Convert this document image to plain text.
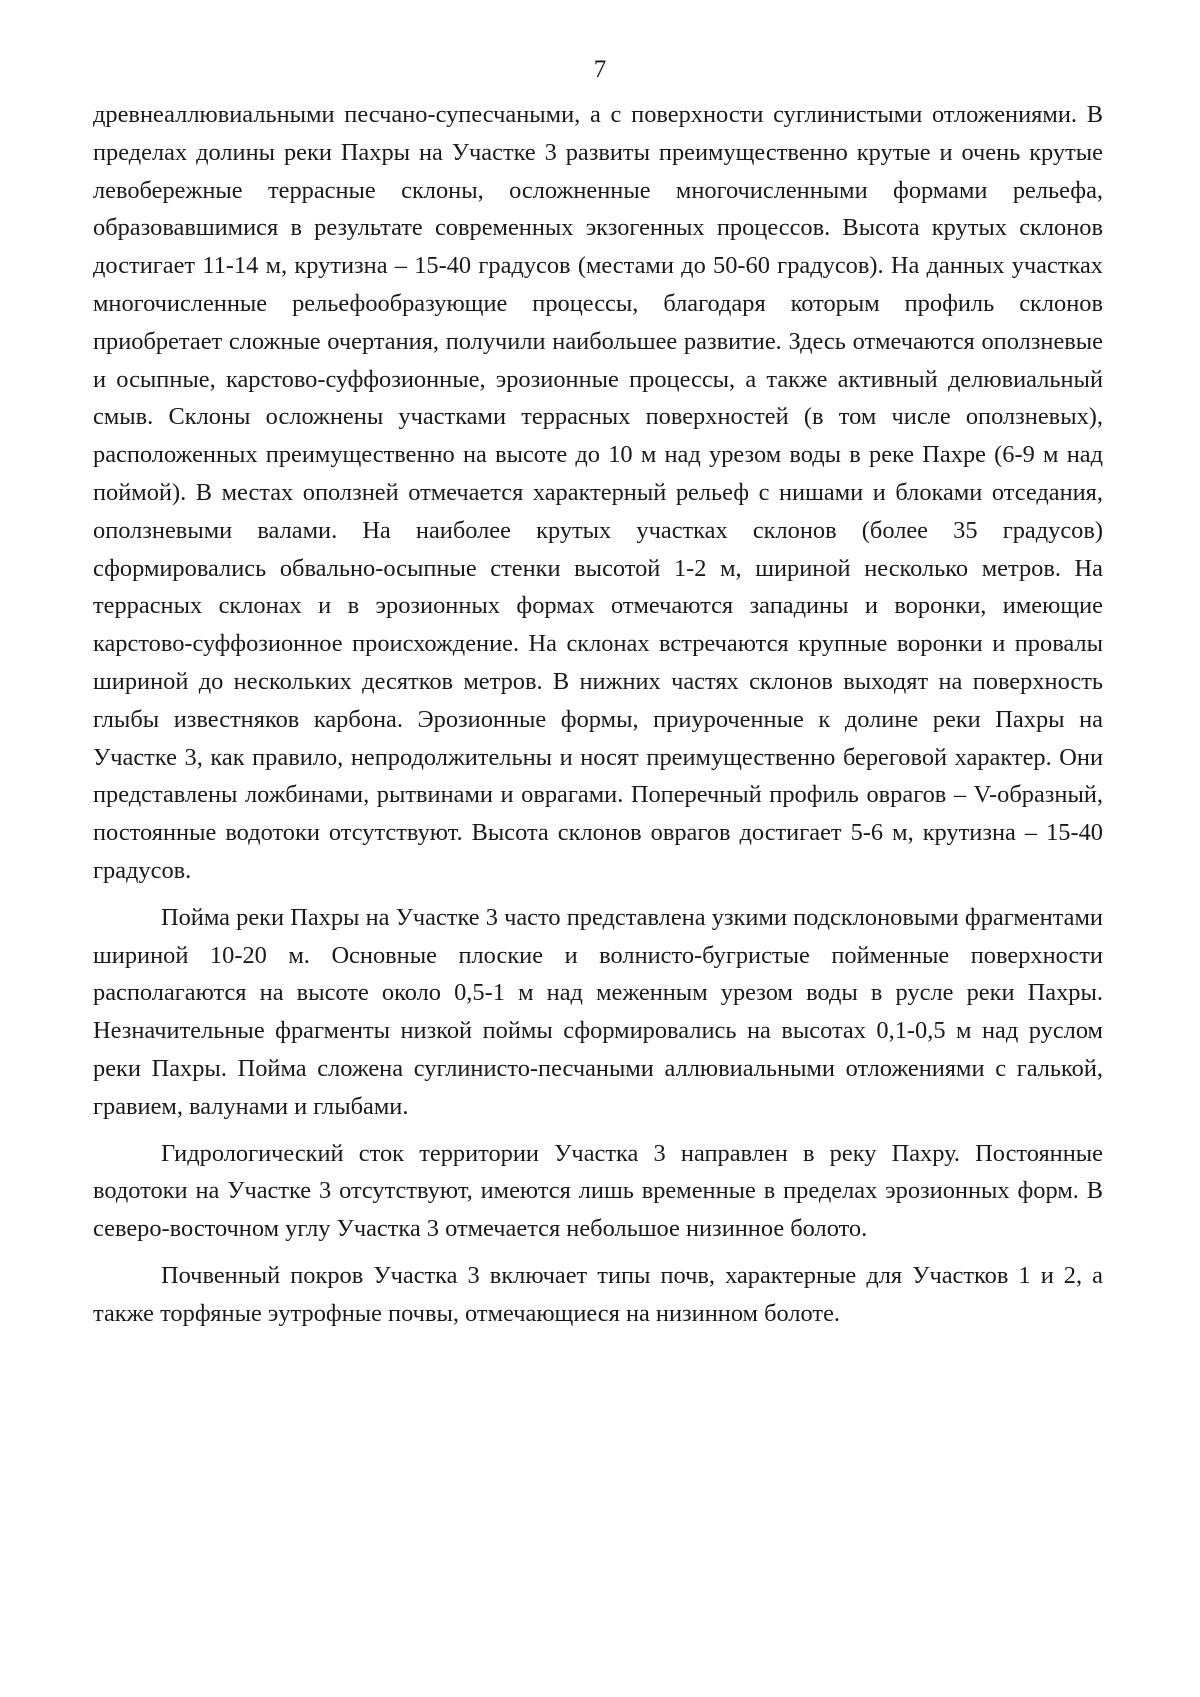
7

древнеаллювиальными песчано-супесчаными, а с поверхности суглинистыми отложениями. В пределах долины реки Пахры на Участке 3 развиты преимущественно крутые и очень крутые левобережные террасные склоны, осложненные многочисленными формами рельефа, образовавшимися в результате современных экзогенных процессов. Высота крутых склонов достигает 11-14 м, крутизна – 15-40 градусов (местами до 50-60 градусов). На данных участках многочисленные рельефообразующие процессы, благодаря которым профиль склонов приобретает сложные очертания, получили наибольшее развитие. Здесь отмечаются оползневые и осыпные, карстово-суффозионные, эрозионные процессы, а также активный делювиальный смыв. Склоны осложнены участками террасных поверхностей (в том числе оползневых), расположенных преимущественно на высоте до 10 м над урезом воды в реке Пахре (6-9 м над поймой). В местах оползней отмечается характерный рельеф с нишами и блоками отседания, оползневыми валами. На наиболее крутых участках склонов (более 35 градусов) сформировались обвально-осыпные стенки высотой 1-2 м, шириной несколько метров. На террасных склонах и в эрозионных формах отмечаются западины и воронки, имеющие карстово-суффозионное происхождение. На склонах встречаются крупные воронки и провалы шириной до нескольких десятков метров. В нижних частях склонов выходят на поверхность глыбы известняков карбона. Эрозионные формы, приуроченные к долине реки Пахры на Участке 3, как правило, непродолжительны и носят преимущественно береговой характер. Они представлены ложбинами, рытвинами и оврагами. Поперечный профиль оврагов – V-образный, постоянные водотоки отсутствуют. Высота склонов оврагов достигает 5-6 м, крутизна – 15-40 градусов.

Пойма реки Пахры на Участке 3 часто представлена узкими подсклоновыми фрагментами шириной 10-20 м. Основные плоские и волнисто-бугристые пойменные поверхности располагаются на высоте около 0,5-1 м над меженным урезом воды в русле реки Пахры. Незначительные фрагменты низкой поймы сформировались на высотах 0,1-0,5 м над руслом реки Пахры. Пойма сложена суглинисто-песчаными аллювиальными отложениями с галькой, гравием, валунами и глыбами.

Гидрологический сток территории Участка 3 направлен в реку Пахру. Постоянные водотоки на Участке 3 отсутствуют, имеются лишь временные в пределах эрозионных форм. В северо-восточном углу Участка 3 отмечается небольшое низинное болото.

Почвенный покров Участка 3 включает типы почв, характерные для Участков 1 и 2, а также торфяные эутрофные почвы, отмечающиеся на низинном болоте.
